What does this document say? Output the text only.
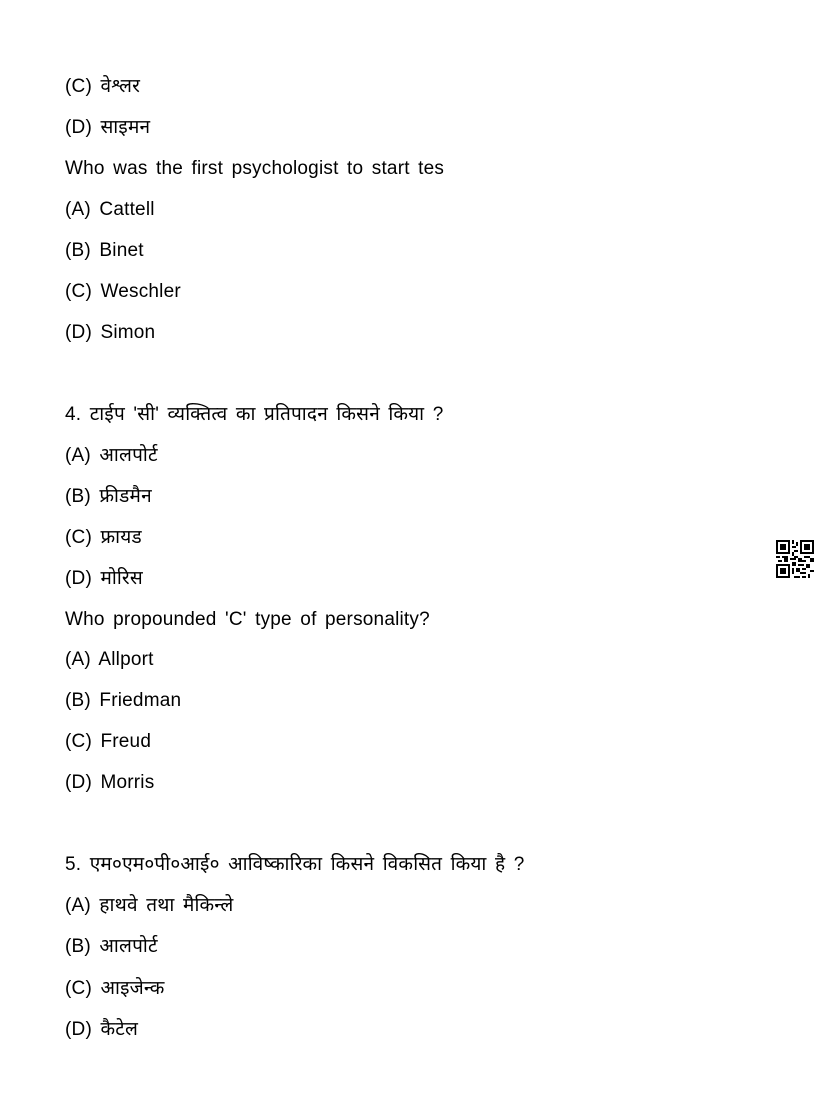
(C) वेश्लर
(D) साइमन
Who was the first psychologist to start tes
(A) Cattell
(B) Binet
(C) Weschler
(D) Simon
4. टाईप 'सी' व्यक्तित्व का प्रतिपादन किसने किया ?
(A) आलपोर्ट
(B) फ्रीडमैन
(C) फ्रायड
(D) मोरिस
Who propounded 'C' type of personality?
(A) Allport
(B) Friedman
(C) Freud
(D) Morris
5. एम०एम०पी०आई० आविष्कारिका किसने विकसित किया है ?
(A) हाथवे तथा मैकिन्ले
(B) आलपोर्ट
(C) आइजेन्क
(D) कैटेल
